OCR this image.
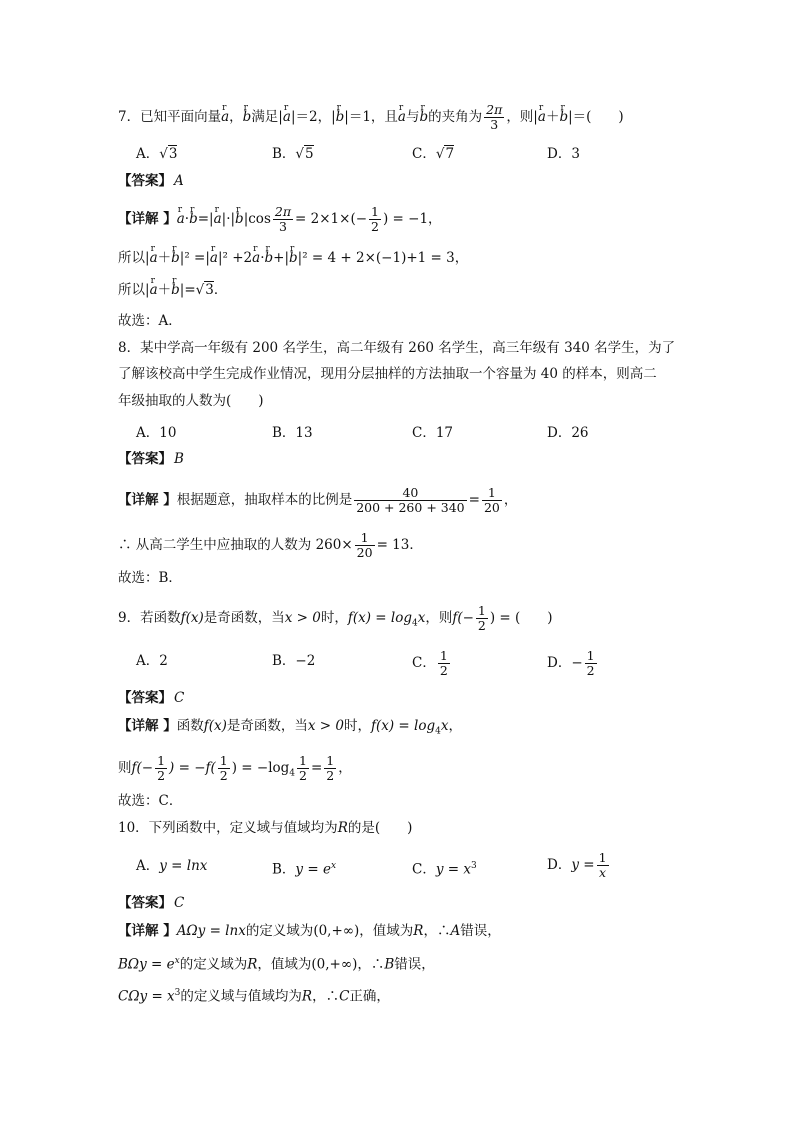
7．已知平面向量r a，r b满足|r a|＝2，|r b|＝1，且r a与r b的夹角为 $\frac{2\pi}{3}$ ，则|r a＋r b|＝(　　)
A．√3	B．√5	C．√7	D．3
【答案】 A
【详解 】r a·r b=|r a|·|r $b|\cos \frac{2\pi}{3} = 2\times 1\times(- \frac{1}{2}$ ) = −1，
所以|r a＋r b|² =|r a|² +2r a·r b+|r b|² = 4 + 2×(−1)+1 = 3，
所以|r a＋r b|=√3．
故选：A．
8．某中学高一年级有 200 名学生，高二年级有 260 名学生，高三年级有 340 名学生，为了
了解该校高中学生完成作业情况，现用分层抽样的方法抽取一个容量为 40 的样本，则高二
年级抽取的人数为(　　)
A．10	B．13	C．17	D．26
【答案】 B
【详解 】根据题意，抽取样本的比例是 $\frac{40}{200 + 260 + 340} = \frac{1}{20}$ ，
∴ 从高二学生中应抽取的人数为 $260\times \frac{1}{20} = 13$．
故选：B．
9．若函数f(x)是奇函数，当x > 0时，$f(x) = \log_4x$，则$f(- \frac{1}{2}$ ) = (　　)
A．2	B．−2	C． $\frac{1}{2}$	D．− $\frac{1}{2}$
【答案】 C
【详解 】函数f(x)是奇函数，当x > 0时，$f(x) = \log_4x$，
则$f(- \frac{1}{2}$ ) = $-f( \frac{1}{2}$ ) = $-\log_4 \frac{1}{2} = \frac{1}{2}$ ，
故选：C．
10．下列函数中，定义域与值域均为R的是(　　)
A．y = lnx	B．$y = e^x$	C．$y = x^3$	D．$y = \frac{1}{x}$
【答案】 C
【详解 】AΩy = lnx的定义域为(0,+∞)，值域为R，∴A错误，
$B\Omega y = e^x$的定义域为R，值域为(0,+∞)，∴B错误，
$C\Omega y = x^3$的定义域与值域均为R，∴C正确，
